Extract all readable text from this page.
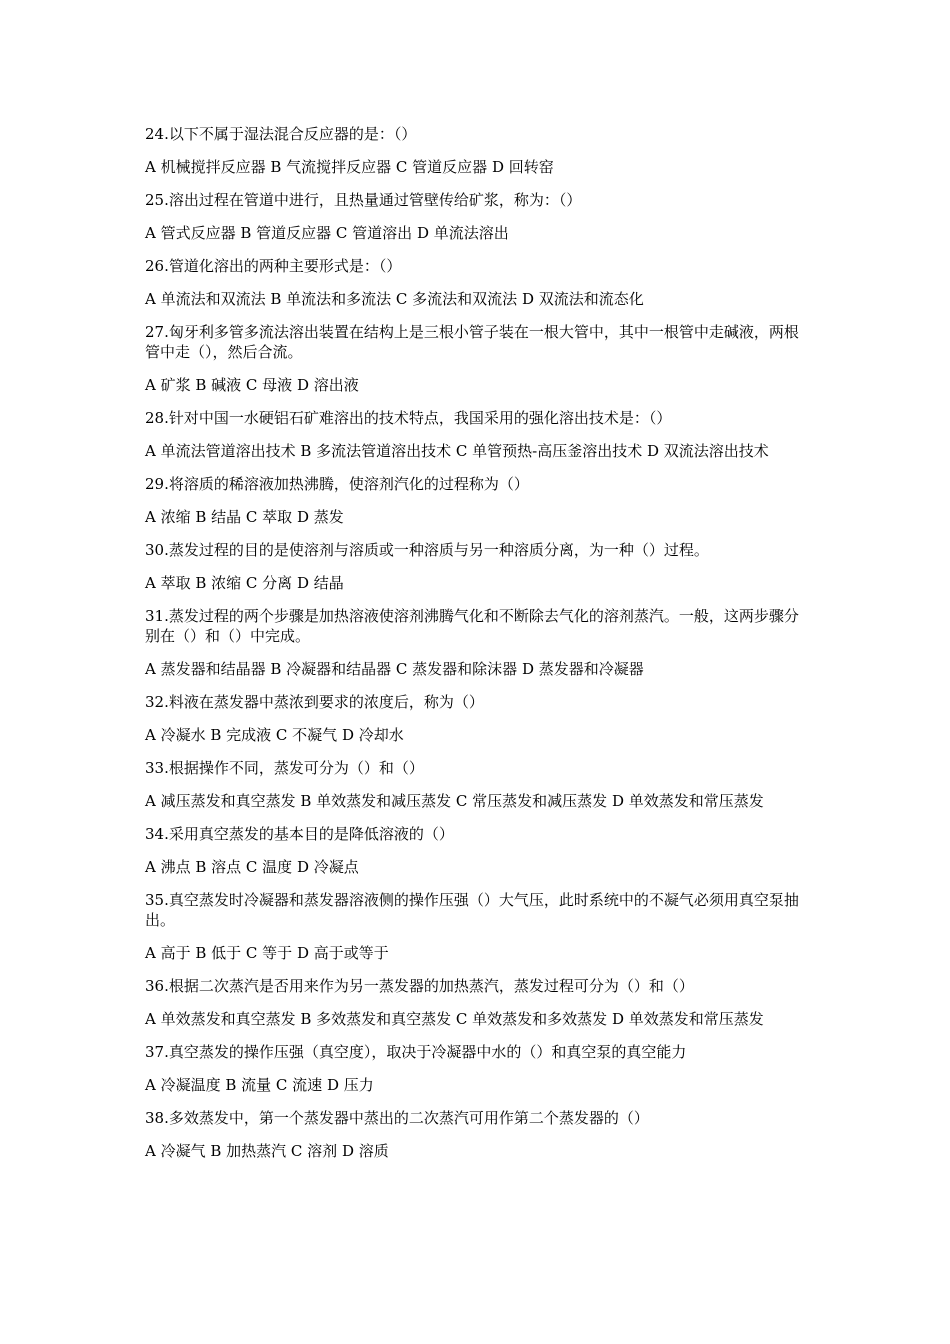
24.以下不属于湿法混合反应器的是：（）

A 机械搅拌反应器 B 气流搅拌反应器 C 管道反应器 D 回转窑

25.溶出过程在管道中进行，且热量通过管壁传给矿浆，称为：（）

A 管式反应器 B 管道反应器 C 管道溶出 D 单流法溶出

26.管道化溶出的两种主要形式是：（）

A 单流法和双流法 B 单流法和多流法 C 多流法和双流法 D 双流法和流态化

27.匈牙利多管多流法溶出装置在结构上是三根小管子装在一根大管中，其中一根管中走碱液，两根管中走（），然后合流。

A 矿浆 B 碱液 C 母液 D 溶出液

28.针对中国一水硬铝石矿难溶出的技术特点，我国采用的强化溶出技术是：（）

A 单流法管道溶出技术 B 多流法管道溶出技术 C 单管预热-高压釜溶出技术 D 双流法溶出技术

29.将溶质的稀溶液加热沸腾，使溶剂汽化的过程称为（）

A 浓缩 B 结晶 C 萃取 D 蒸发

30.蒸发过程的目的是使溶剂与溶质或一种溶质与另一种溶质分离，为一种（）过程。

A 萃取 B 浓缩 C 分离 D 结晶

31.蒸发过程的两个步骤是加热溶液使溶剂沸腾气化和不断除去气化的溶剂蒸汽。一般，这两步骤分别在（）和（）中完成。

A 蒸发器和结晶器 B 冷凝器和结晶器 C 蒸发器和除沫器 D 蒸发器和冷凝器

32.料液在蒸发器中蒸浓到要求的浓度后，称为（）

A 冷凝水 B 完成液 C 不凝气 D 冷却水

33.根据操作不同，蒸发可分为（）和（）

A 减压蒸发和真空蒸发 B 单效蒸发和减压蒸发 C 常压蒸发和减压蒸发 D 单效蒸发和常压蒸发

34.采用真空蒸发的基本目的是降低溶液的（）

A 沸点 B 溶点 C 温度 D 冷凝点

35.真空蒸发时冷凝器和蒸发器溶液侧的操作压强（）大气压，此时系统中的不凝气必须用真空泵抽出。

A 高于 B 低于 C 等于 D 高于或等于

36.根据二次蒸汽是否用来作为另一蒸发器的加热蒸汽，蒸发过程可分为（）和（）

A 单效蒸发和真空蒸发 B 多效蒸发和真空蒸发 C 单效蒸发和多效蒸发 D 单效蒸发和常压蒸发

37.真空蒸发的操作压强（真空度），取决于冷凝器中水的（）和真空泵的真空能力

A 冷凝温度 B 流量 C 流速 D 压力

38.多效蒸发中，第一个蒸发器中蒸出的二次蒸汽可用作第二个蒸发器的（）

A 冷凝气 B 加热蒸汽 C 溶剂 D 溶质
